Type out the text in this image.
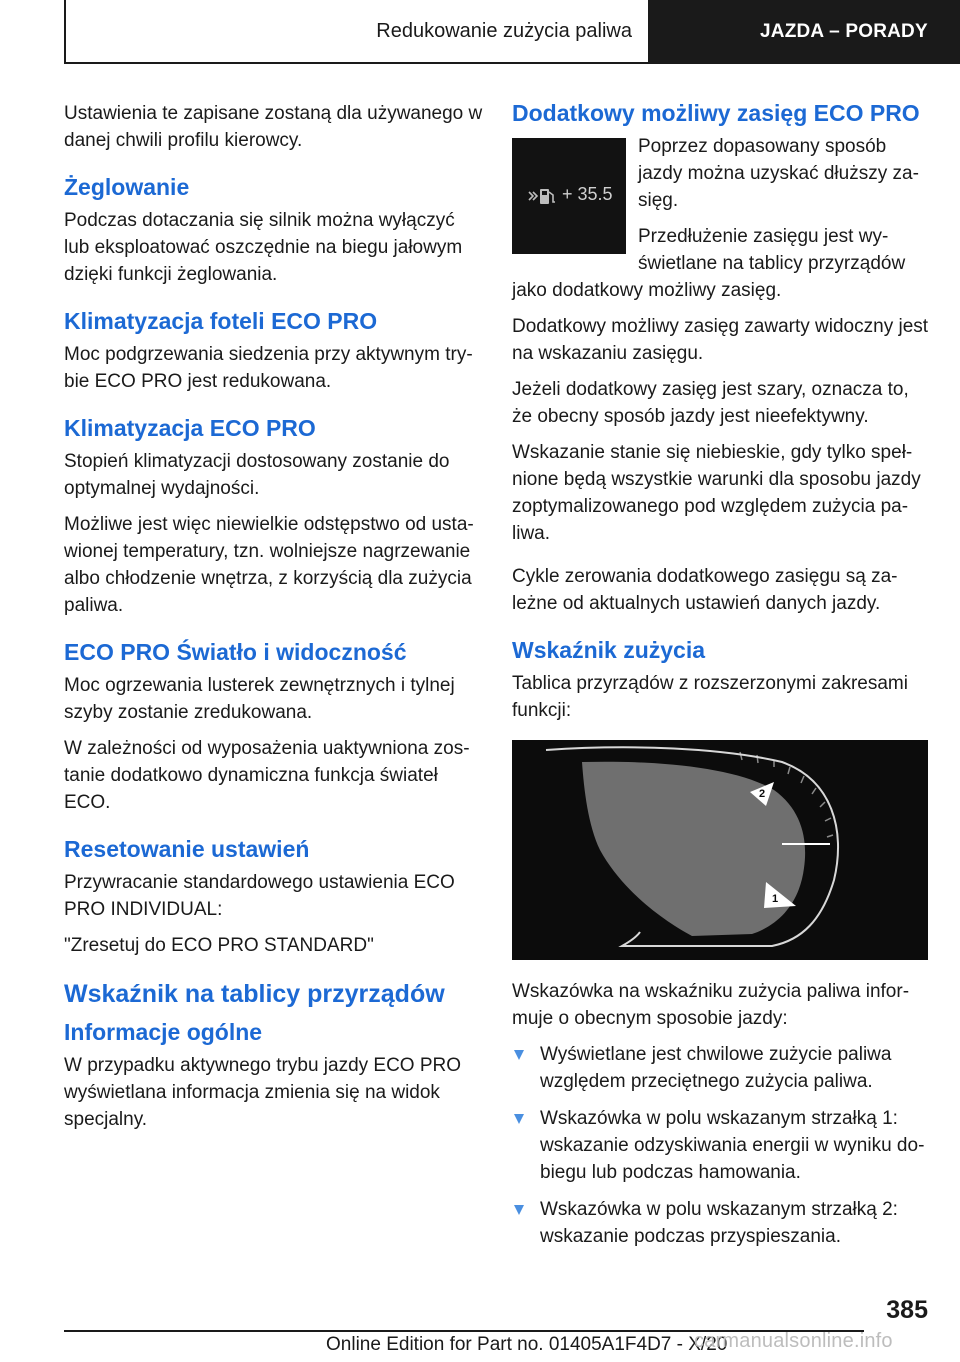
Redukowanie zużycia paliwa	JAZDA – PORADY

Ustawienia te zapisane zostaną dla używanego w danej chwili profilu kierowcy.

Żeglowanie

Podczas dotaczania się silnik można wyłączyć lub eksploatować oszczędnie na biegu jałowym dzięki funkcji żeglowania.

Klimatyzacja foteli ECO PRO

Moc podgrzewania siedzenia przy aktywnym trybie ECO PRO jest redukowana.

Klimatyzacja ECO PRO

Stopień klimatyzacji dostosowany zostanie do optymalnej wydajności.

Możliwe jest więc niewielkie odstępstwo od ustawionej temperatury, tzn. wolniejsze nagrzewanie albo chłodzenie wnętrza, z korzyścią dla zużycia paliwa.

ECO PRO Światło i widoczność

Moc ogrzewania lusterek zewnętrznych i tylnej szyby zostanie zredukowana.

W zależności od wyposażenia uaktywniona zostanie dodatkowo dynamiczna funkcja świateł ECO.

Resetowanie ustawień

Przywracanie standardowego ustawienia ECO PRO INDIVIDUAL:

"Zresetuj do ECO PRO STANDARD"

Wskaźnik na tablicy przyrządów
Informacje ogólne

W przypadku aktywnego trybu jazdy ECO PRO wyświetlana informacja zmienia się na widok specjalny.

Dodatkowy możliwy zasięg ECO PRO
+ 35.5

Poprzez dopasowany sposób jazdy można uzyskać dłuższy zasięg.

Przedłużenie zasięgu jest wyświetlane na tablicy przyrządów jako dodatkowy możliwy zasięg.

Dodatkowy możliwy zasięg zawarty widoczny jest na wskazaniu zasięgu.

Jeżeli dodatkowy zasięg jest szary, oznacza to, że obecny sposób jazdy jest nieefektywny.

Wskazanie stanie się niebieskie, gdy tylko spełnione będą wszystkie warunki dla sposobu jazdy zoptymalizowanego pod względem zużycia paliwa.

Cykle zerowania dodatkowego zasięgu są zależne od aktualnych ustawień danych jazdy.

Wskaźnik zużycia

Tablica przyrządów z rozszerzonymi zakresami funkcji:

2
1

Wskazówka na wskaźniku zużycia paliwa informuje o obecnym sposobie jazdy:

Wyświetlane jest chwilowe zużycie paliwa względem przeciętnego zużycia paliwa.
Wskazówka w polu wskazanym strzałką 1: wskazanie odzyskiwania energii w wyniku dobiegu lub podczas hamowania.
Wskazówka w polu wskazanym strzałką 2: wskazanie podczas przyspieszania.
385
Online Edition for Part no. 01405A1F4D7 - X/20
carmanualsonline.info
